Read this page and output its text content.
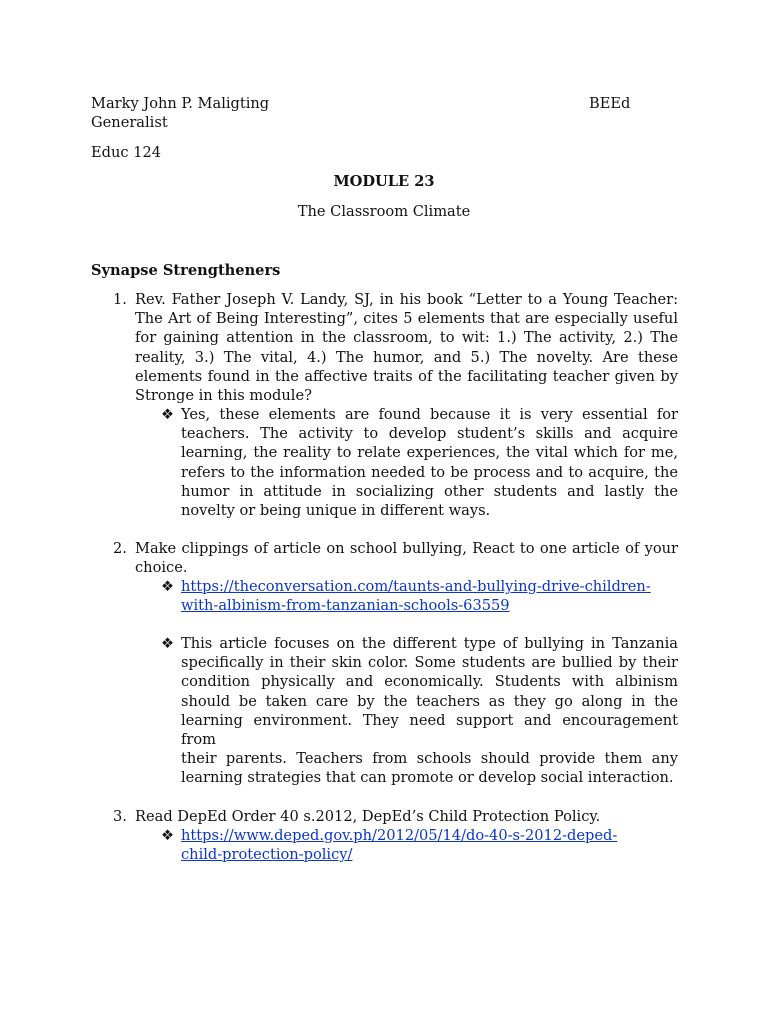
Marky John P. Maligting	BEEd
Generalist
Educ 124
MODULE 23
The Classroom Climate
Synapse Strengtheners
1. Rev. Father Joseph V. Landy, SJ, in his book “Letter to a Young Teacher:
The Art of Being Interesting”, cites 5 elements that are especially useful
for gaining attention in the classroom, to wit: 1.) The activity, 2.) The
reality, 3.) The vital, 4.) The humor, and 5.) The novelty. Are these
elements found in the affective traits of the facilitating teacher given by
Stronge in this module?
❖ Yes, these elements are found because it is very essential for
teachers. The activity to develop student’s skills and acquire
learning, the reality to relate experiences, the vital which for me,
refers to the information needed to be process and to acquire, the
humor in attitude in socializing other students and lastly the
novelty or being unique in different ways.
2. Make clippings of article on school bullying, React to one article of your
choice.
❖ https://theconversation.com/taunts-and-bullying-drive-children-
with-albinism-from-tanzanian-schools-63559
❖ This article focuses on the different type of bullying in Tanzania
specifically in their skin color. Some students are bullied by their
condition physically and economically. Students with albinism
should be taken care by the teachers as they go along in the
learning environment. They need support and encouragement from
their parents. Teachers from schools should provide them any
learning strategies that can promote or develop social interaction.
3. Read DepEd Order 40 s.2012, DepEd’s Child Protection Policy.
❖ https://www.deped.gov.ph/2012/05/14/do-40-s-2012-deped-
child-protection-policy/
